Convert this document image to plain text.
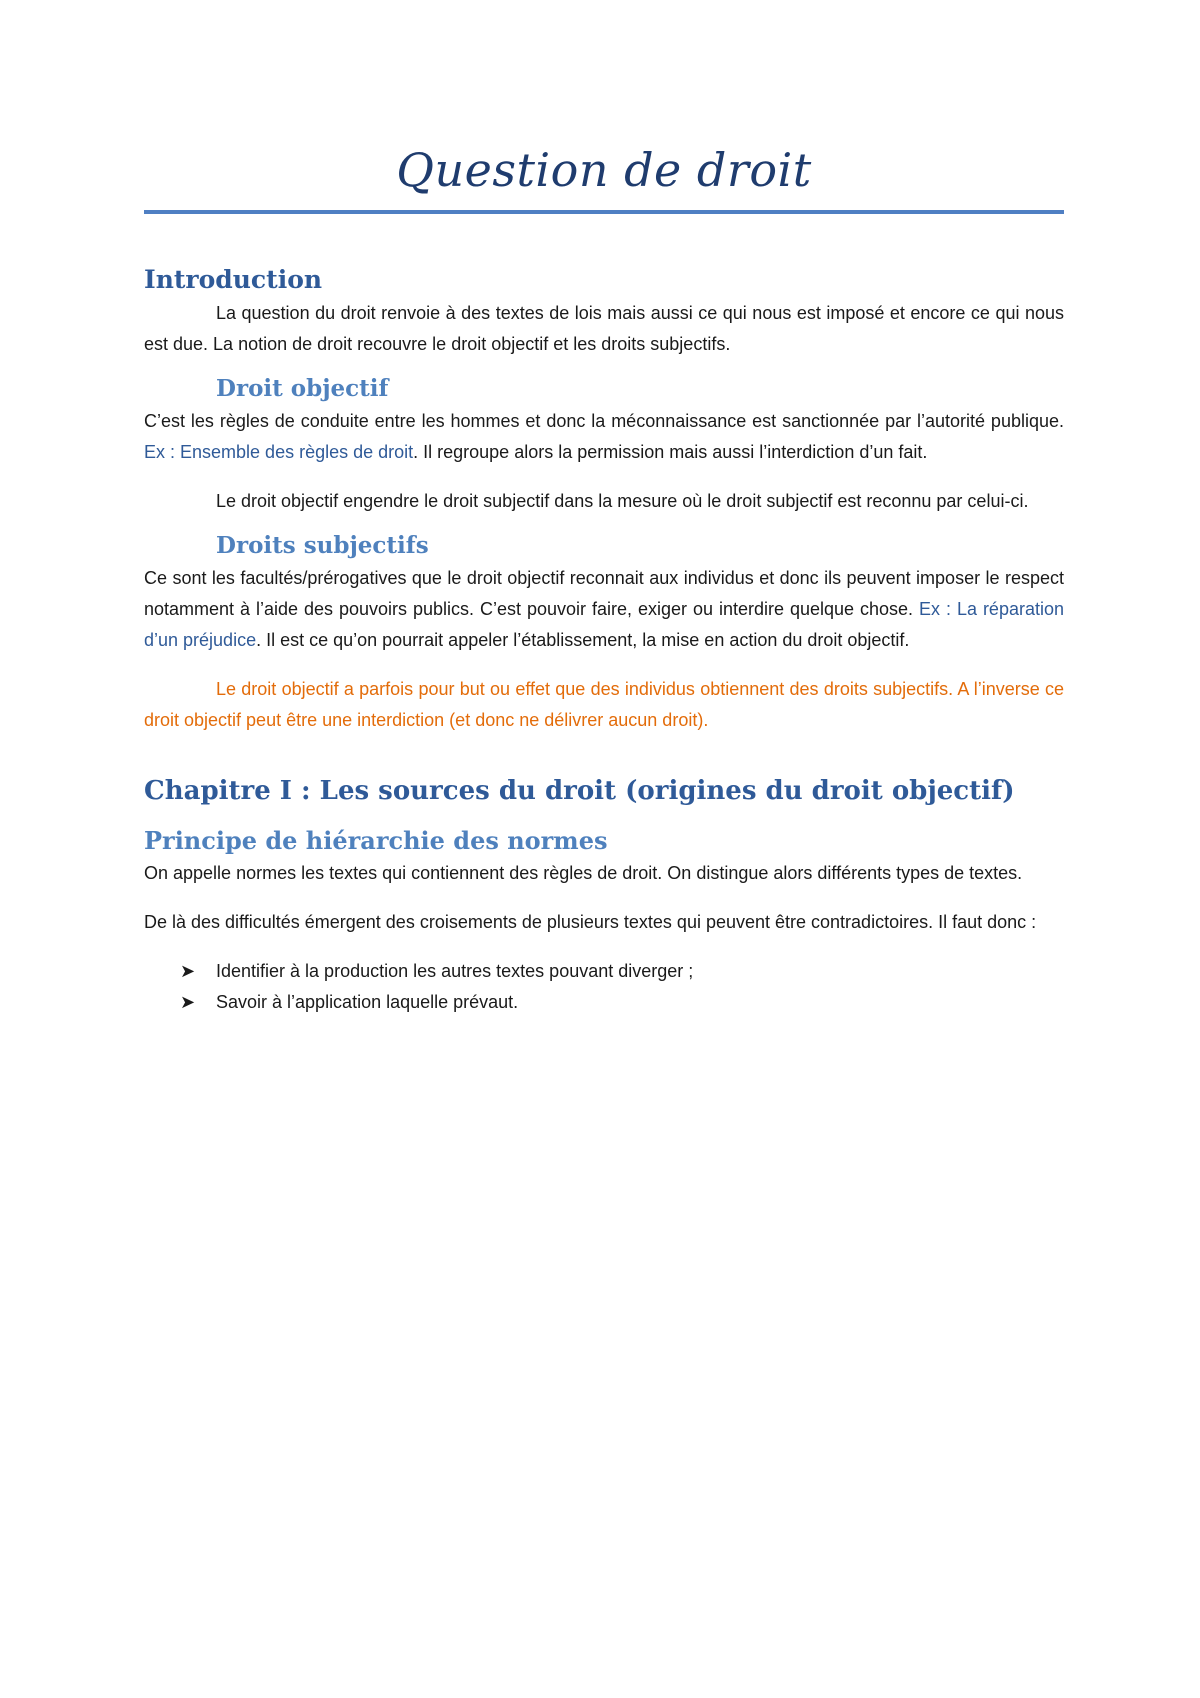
Question de droit
Introduction

La question du droit renvoie à des textes de lois mais aussi ce qui nous est imposé et encore ce qui nous est due. La notion de droit recouvre le droit objectif et les droits subjectifs.

Droit objectif

C’est les règles de conduite entre les hommes et donc la méconnaissance est sanctionnée par l’autorité publique. Ex : Ensemble des règles de droit. Il regroupe alors la permission mais aussi l’interdiction d’un fait.

Le droit objectif engendre le droit subjectif dans la mesure où le droit subjectif est reconnu par celui-ci.

Droits subjectifs

Ce sont les facultés/prérogatives que le droit objectif reconnait aux individus et donc ils peuvent imposer le respect notamment à l’aide des pouvoirs publics. C’est pouvoir faire, exiger ou interdire quelque chose. Ex : La réparation d’un préjudice. Il est ce qu’on pourrait appeler l’établissement, la mise en action du droit objectif.

Le droit objectif a parfois pour but ou effet que des individus obtiennent des droits subjectifs. A l’inverse ce droit objectif peut être une interdiction (et donc ne délivrer aucun droit).

Chapitre I : Les sources du droit (origines du droit objectif)
Principe de hiérarchie des normes

On appelle normes les textes qui contiennent des règles de droit. On distingue alors différents types de textes.

De là des difficultés émergent des croisements de plusieurs textes qui peuvent être contradictoires. Il faut donc :

➤ Identifier à la production les autres textes pouvant diverger ;
➤ Savoir à l’application laquelle prévaut.
